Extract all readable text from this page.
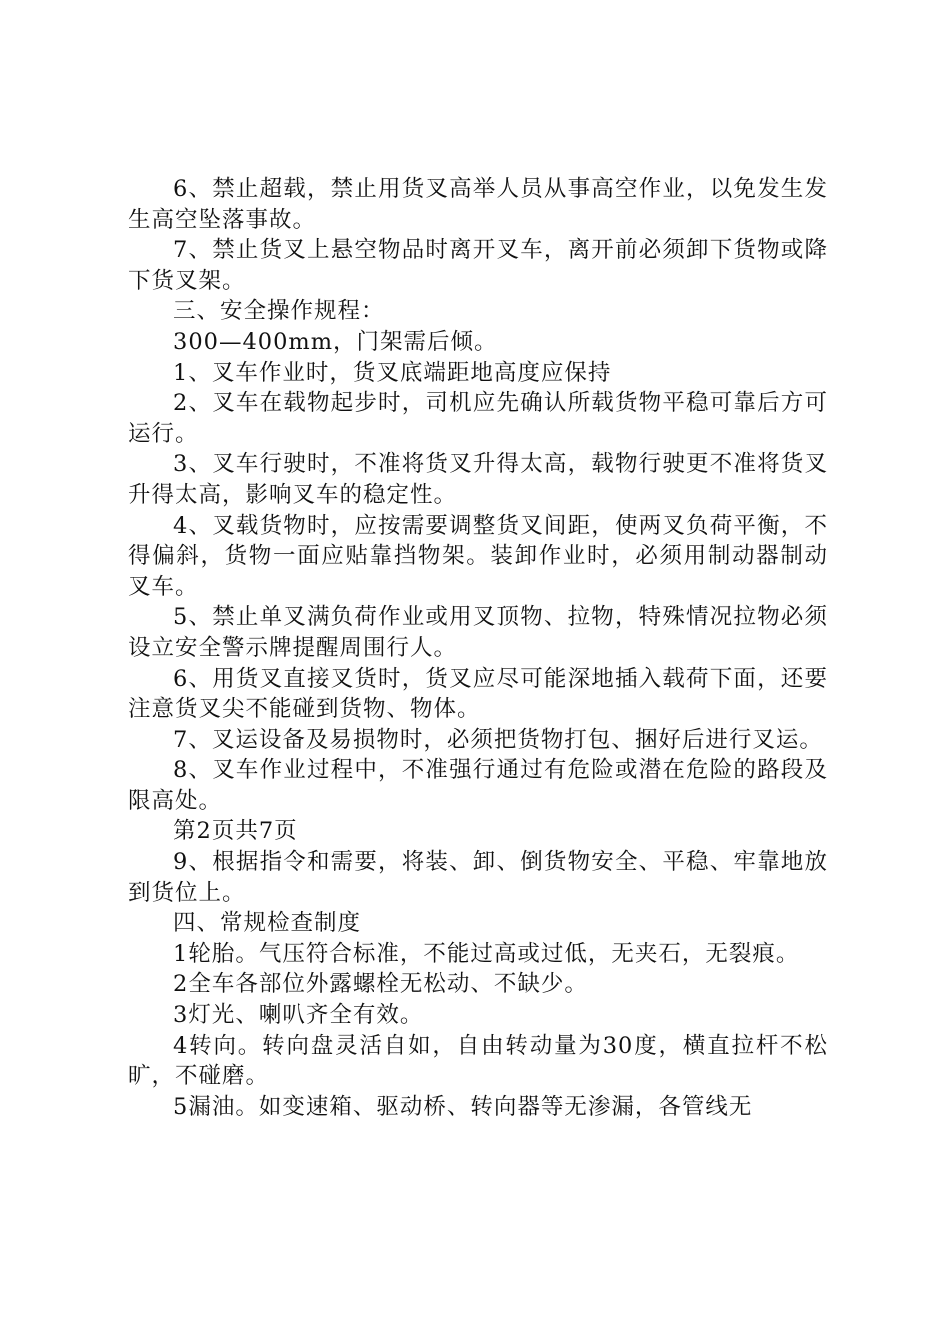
6、禁止超载，禁止用货叉高举人员从事高空作业，以免发生发生高空坠落事故。

7、禁止货叉上悬空物品时离开叉车，离开前必须卸下货物或降下货叉架。

三、安全操作规程：

300—400mm，门架需后倾。

1、叉车作业时，货叉底端距地高度应保持

2、叉车在载物起步时，司机应先确认所载货物平稳可靠后方可运行。

3、叉车行驶时，不准将货叉升得太高，载物行驶更不准将货叉升得太高，影响叉车的稳定性。

4、叉载货物时，应按需要调整货叉间距，使两叉负荷平衡，不得偏斜，货物一面应贴靠挡物架。装卸作业时，必须用制动器制动叉车。

5、禁止单叉满负荷作业或用叉顶物、拉物，特殊情况拉物必须设立安全警示牌提醒周围行人。

6、用货叉直接叉货时，货叉应尽可能深地插入载荷下面，还要注意货叉尖不能碰到货物、物体。

7、叉运设备及易损物时，必须把货物打包、捆好后进行叉运。

8、叉车作业过程中，不准强行通过有危险或潜在危险的路段及限高处。

第2页共7页

9、根据指令和需要，将装、卸、倒货物安全、平稳、牢靠地放到货位上。

四、常规检查制度

1轮胎。气压符合标准，不能过高或过低，无夹石，无裂痕。

2全车各部位外露螺栓无松动、不缺少。

3灯光、喇叭齐全有效。

4转向。转向盘灵活自如，自由转动量为30度，横直拉杆不松旷，不碰磨。

5漏油。如变速箱、驱动桥、转向器等无渗漏，各管线无
